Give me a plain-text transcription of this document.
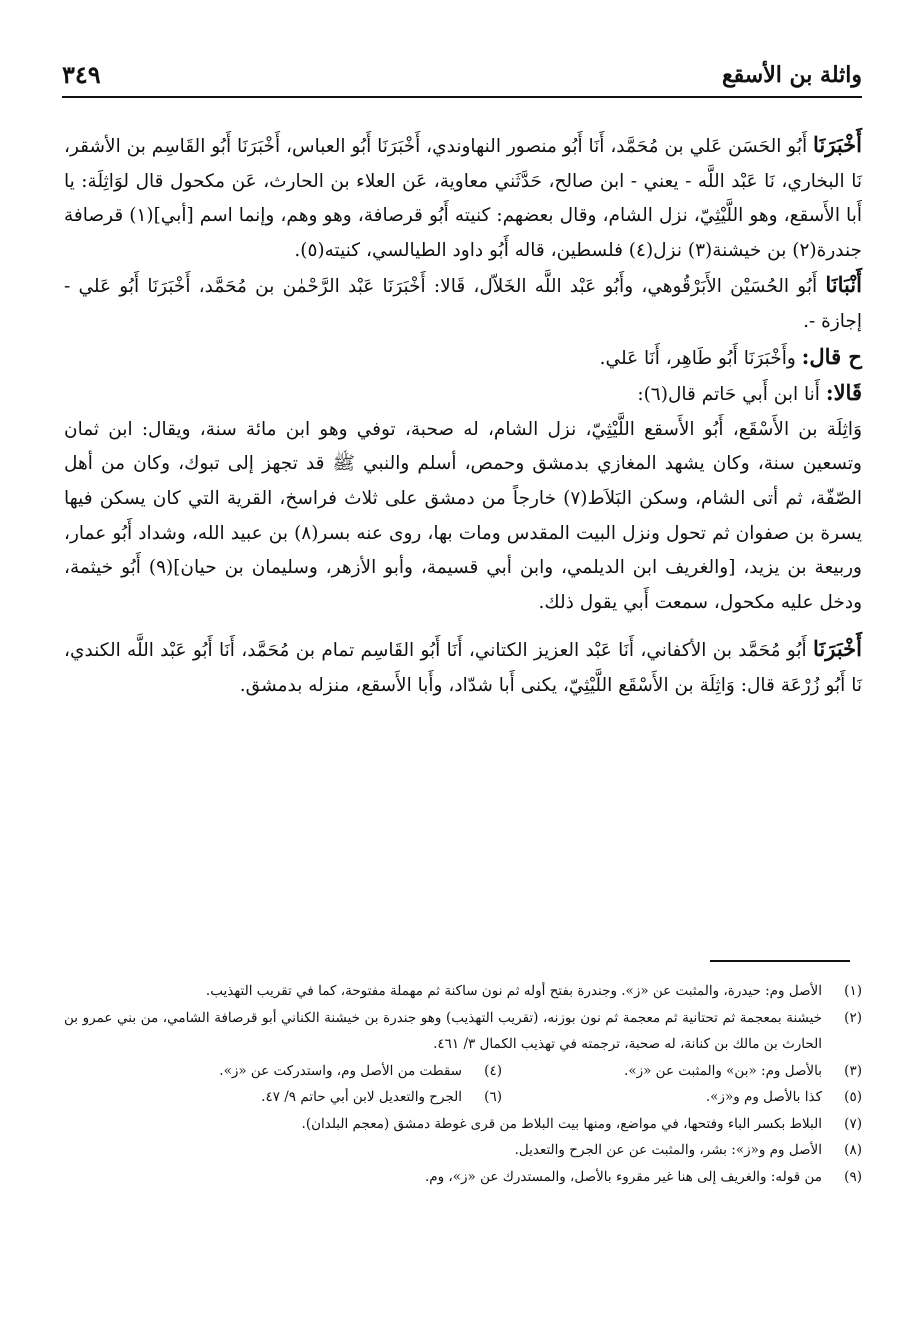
واثلة بن الأسقع
٣٤٩

أَخْبَرَنَا أَبُو الحَسَن عَلي بن مُحَمَّد، أَنَا أَبُو منصور النهاوندي، أَخْبَرَنَا أَبُو العباس، أَخْبَرَنَا أَبُو القَاسِم بن الأشقر، نَا البخاري، نَا عَبْد اللَّه - يعني - ابن صالح، حَدَّثَني معاوية، عَن العلاء بن الحارث، عَن مكحول قال لوَاثِلَة: يا أَبا الأَسقع، وهو اللَّيْثِيّ، نزل الشام، وقال بعضهم: كنيته أَبُو قرصافة، وهو وهم، وإنما اسم [أبي](١) قرصافة جندرة(٢) بن خيشنة(٣) نزل(٤) فلسطين، قاله أَبُو داود الطيالسي، كنيته(٥).

أَنْبَانَا أَبُو الحُسَيْن الأَبَرْقُوهي، وأَبُو عَبْد اللَّه الخَلاّل، قَالا: أَخْبَرَنَا عَبْد الرَّحْمٰن بن مُحَمَّد، أَخْبَرَنَا أَبُو عَلي - إجازة -.

ح قال: وأَخْبَرَنَا أَبُو طَاهِر، أَنَا عَلي.

قَالا: أَنا ابن أَبي حَاتم قال(٦):

وَاثِلَة بن الأَسْقَع، أَبُو الأَسقع اللَّيْثِيّ، نزل الشام، له صحبة، توفي وهو ابن مائة سنة، ويقال: ابن ثمان وتسعين سنة، وكان يشهد المغازي بدمشق وحمص، أسلم والنبي ﷺ قد تجهز إلى تبوك، وكان من أهل الصّفّة، ثم أتى الشام، وسكن البَلاَط(٧) خارجاً من دمشق على ثلاث فراسخ، القرية التي كان يسكن فيها يسرة بن صفوان ثم تحول ونزل البيت المقدس ومات بها، روى عنه بسر(٨) بن عبيد الله، وشداد أَبُو عمار، وربيعة بن يزيد، [والغريف ابن الديلمي، وابن أبي قسيمة، وأبو الأزهر، وسليمان بن حيان](٩) أَبُو خيثمة، ودخل عليه مكحول، سمعت أَبي يقول ذلك.

أَخْبَرَنَا أَبُو مُحَمَّد بن الأكفاني، أَنَا عَبْد العزيز الكتاني، أَنَا أَبُو القَاسِم تمام بن مُحَمَّد، أَنَا أَبُو عَبْد اللَّه الكندي، نَا أَبُو زُرْعَة قال: وَاثِلَة بن الأَسْقَع اللَّيْثِيّ، يكنى أَبا شدّاد، وأَبا الأَسقع، منزله بدمشق.

(١)
الأصل وم: حيدرة، والمثبت عن «ز». وجندرة بفتح أوله ثم نون ساكنة ثم مهملة مفتوحة، كما في تقريب التهذيب.
(٢)
خيشنة بمعجمة ثم تحتانية ثم معجمة ثم نون بوزنه، (تقريب التهذيب) وهو جندرة بن خيشنة الكناني أبو قرصافة الشامي، من بني عمرو بن الحارث بن مالك بن كنانة، له صحبة، ترجمته في تهذيب الكمال ٣/ ٤٦١.
(٣)
بالأصل وم: «بن» والمثبت عن «ز».
(٤)
سقطت من الأصل وم، واستدركت عن «ز».
(٥)
كذا بالأصل وم و«ز».
(٦)
الجرح والتعديل لابن أبي حاتم ٩/ ٤٧.
(٧)
البلاط بكسر الباء وفتحها، في مواضع، ومنها بيت البلاط من قرى غوطة دمشق (معجم البلدان).
(٨)
الأصل وم و«ز»: بشر، والمثبت عن عن الجرح والتعديل.
(٩)
من قوله: والغريف إلى هنا غير مقروء بالأصل، والمستدرك عن «ز»، وم.
